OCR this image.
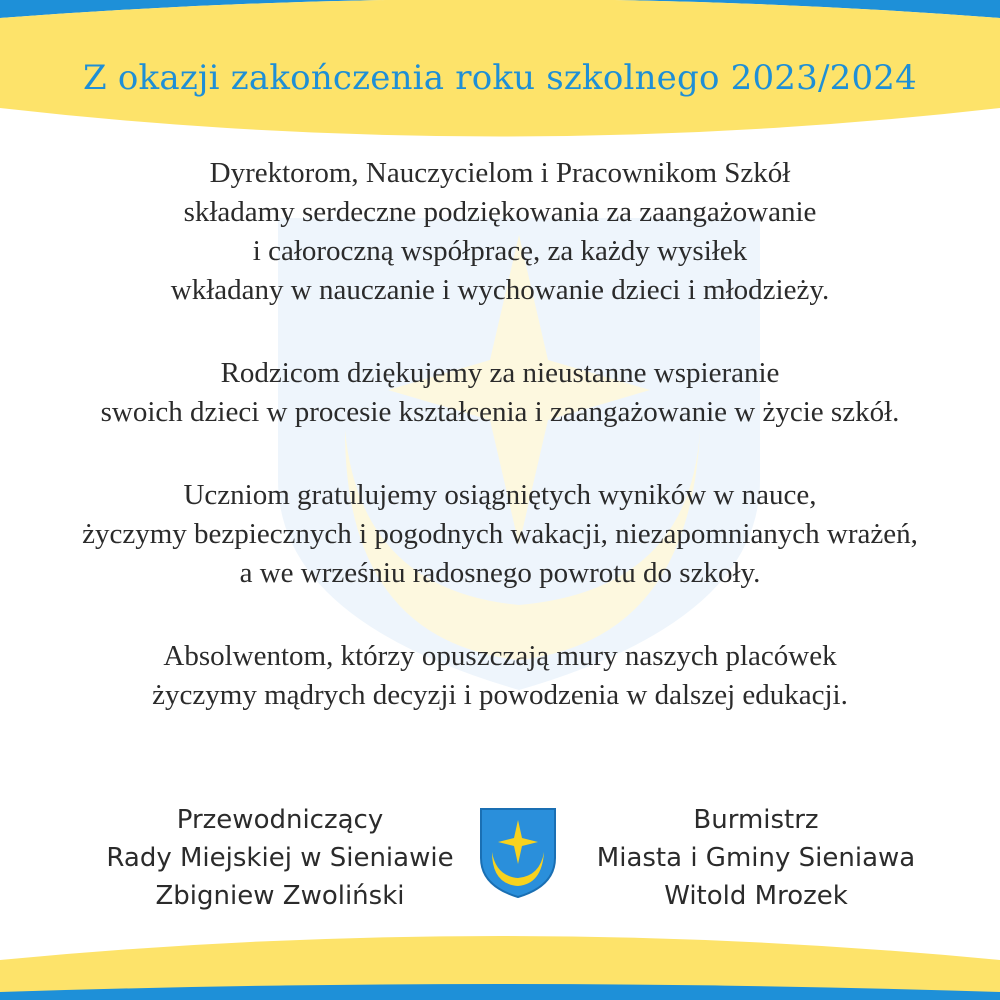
Z okazji zakończenia roku szkolnego 2023/2024
Dyrektorom, Nauczycielom i Pracownikom Szkół
składamy serdeczne podziękowania za zaangażowanie
i całoroczną współpracę, za każdy wysiłek
wkładany w nauczanie i wychowanie dzieci i młodzieży.
Rodzicom dziękujemy za nieustanne wspieranie
swoich dzieci w procesie kształcenia i zaangażowanie w życie szkół.
Uczniom gratulujemy osiągniętych wyników w nauce,
życzymy bezpiecznych i pogodnych wakacji, niezapomnianych wrażeń,
a we wrześniu radosnego powrotu do szkoły.
Absolwentom, którzy opuszczają mury naszych placówek
życzymy mądrych decyzji i powodzenia w dalszej edukacji.
Przewodniczący
Rady Miejskiej w Sieniawie
Zbigniew Zwoliński
Burmistrz
Miasta i Gminy Sieniawa
Witold Mrozek
